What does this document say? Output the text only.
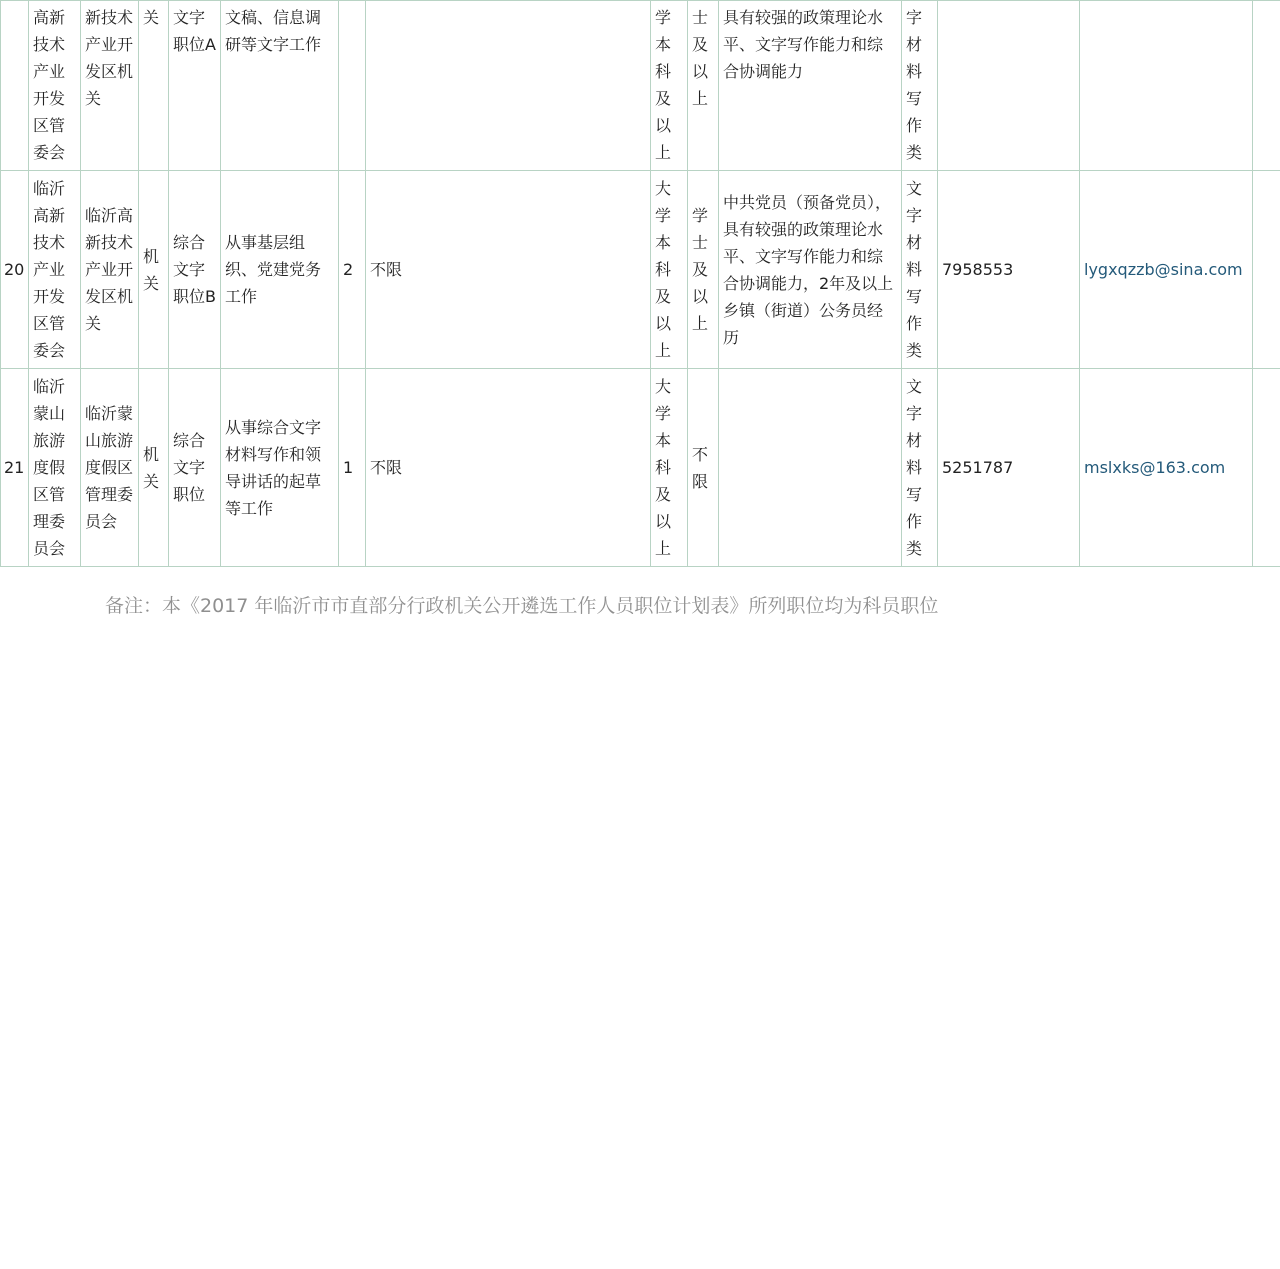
	高新技术产业开发区管委会	新技术产业开发区机关	关	文字职位A	文稿、信息调研等文字工作			学本科及以上	士及以上	具有较强的政策理论水平、文字写作能力和综合协调能力	字材料写作类			
20	临沂高新技术产业开发区管委会	临沂高新技术产业开发区机关	机关	综合文字职位B	从事基层组织、党建党务工作	2	不限	大学本科及以上	学士及以上	中共党员（预备党员），具有较强的政策理论水平、文字写作能力和综合协调能力，2年及以上乡镇（街道）公务员经历	文字材料写作类	7958553	lygxqzzb@sina.com	
21	临沂蒙山旅游度假区管理委员会	临沂蒙山旅游度假区管理委员会	机关	综合文字职位	从事综合文字材料写作和领导讲话的起草等工作	1	不限	大学本科及以上	不限		文字材料写作类	5251787	mslxks@163.com	
备注：本《2017 年临沂市市直部分行政机关公开遴选工作人员职位计划表》所列职位均为科员职位
